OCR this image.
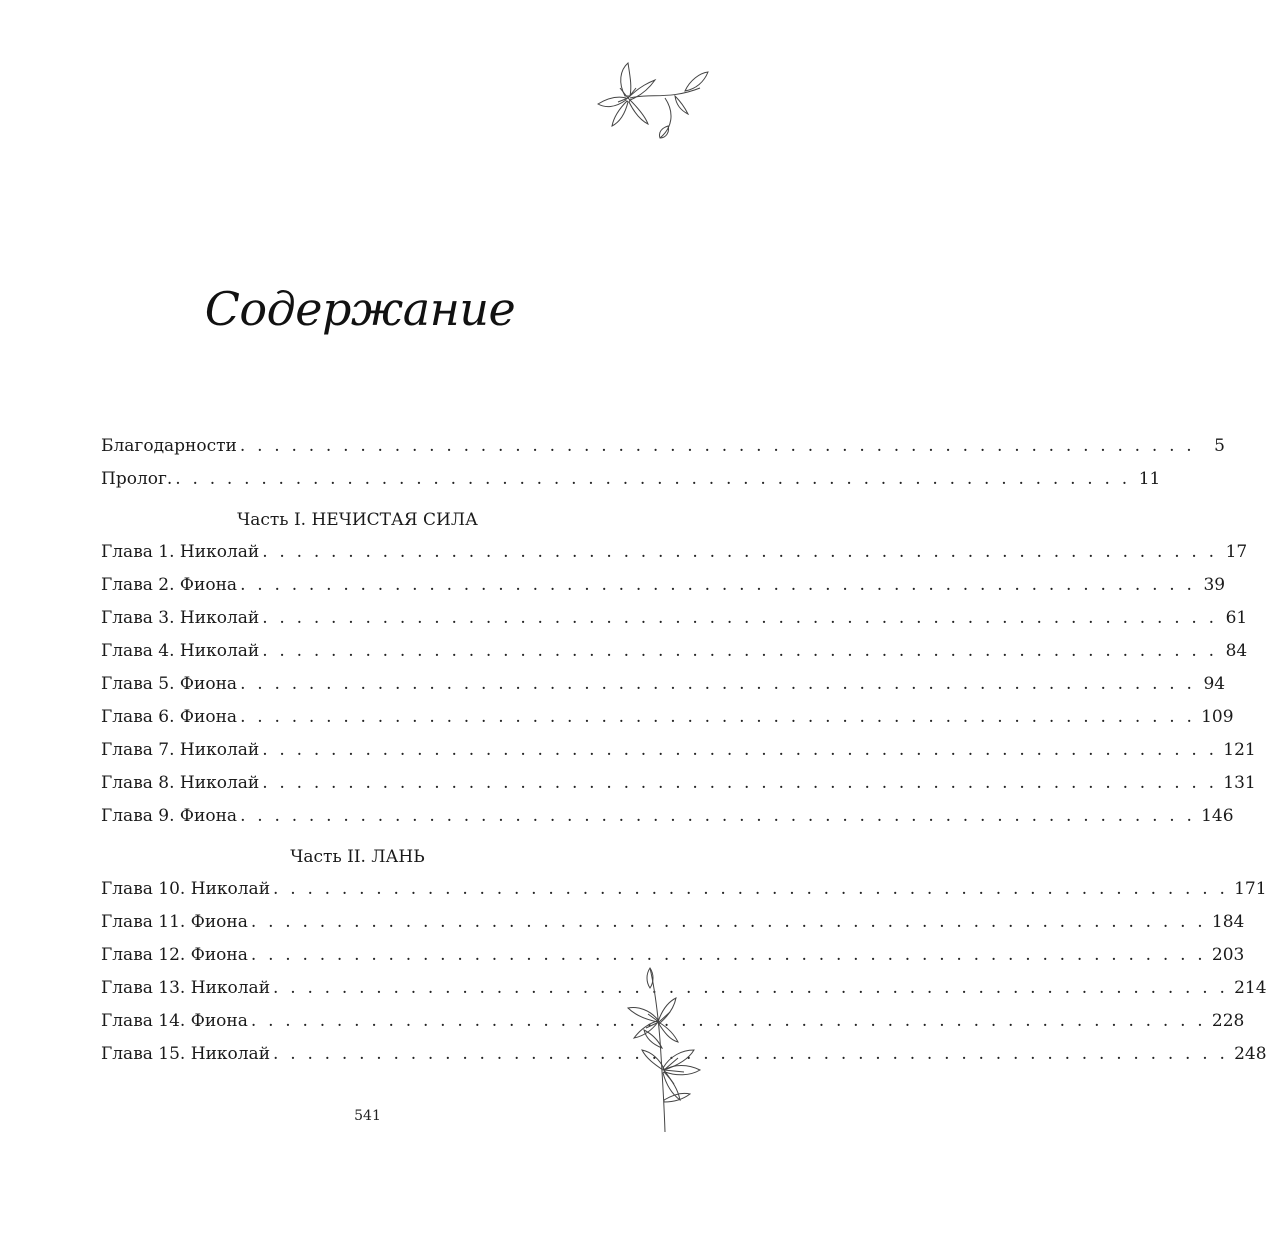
Содержание
Благодарности . . . . . . . . . . . . . . . . . . . . . . . . . . . . . . . . . . . . . . . . . . . . . . . . . . . . . . . .	5
Пролог. . . . . . . . . . . . . . . . . . . . . . . . . . . . . . . . . . . . . . . . . . . . . . . . . . . . . . . . . 11
Часть I. НЕЧИСТАЯ СИЛА
Глава 1. Николай . . . . . . . . . . . . . . . . . . . . . . . . . . . . . . . . . . . . . . . . . . . . . . . . . . . . . . . . 17
Глава 2. Фиона . . . . . . . . . . . . . . . . . . . . . . . . . . . . . . . . . . . . . . . . . . . . . . . . . . . . . . . . 39
Глава 3. Николай . . . . . . . . . . . . . . . . . . . . . . . . . . . . . . . . . . . . . . . . . . . . . . . . . . . . . . . . 61
Глава 4. Николай . . . . . . . . . . . . . . . . . . . . . . . . . . . . . . . . . . . . . . . . . . . . . . . . . . . . . . . . 84
Глава 5. Фиона . . . . . . . . . . . . . . . . . . . . . . . . . . . . . . . . . . . . . . . . . . . . . . . . . . . . . . . . 94
Глава 6. Фиона . . . . . . . . . . . . . . . . . . . . . . . . . . . . . . . . . . . . . . . . . . . . . . . . . . . . . . . . 109
Глава 7. Николай . . . . . . . . . . . . . . . . . . . . . . . . . . . . . . . . . . . . . . . . . . . . . . . . . . . . . . . . 121
Глава 8. Николай . . . . . . . . . . . . . . . . . . . . . . . . . . . . . . . . . . . . . . . . . . . . . . . . . . . . . . . . 131
Глава 9. Фиона . . . . . . . . . . . . . . . . . . . . . . . . . . . . . . . . . . . . . . . . . . . . . . . . . . . . . . . . 146
Часть II. ЛАНЬ
Глава 10. Николай . . . . . . . . . . . . . . . . . . . . . . . . . . . . . . . . . . . . . . . . . . . . . . . . . . . . . . . . 171
Глава 11. Фиона . . . . . . . . . . . . . . . . . . . . . . . . . . . . . . . . . . . . . . . . . . . . . . . . . . . . . . . . 184
Глава 12. Фиона . . . . . . . . . . . . . . . . . . . . . . . . . . . . . . . . . . . . . . . . . . . . . . . . . . . . . . . . 203
Глава 13. Николай . . . . . . . . . . . . . . . . . . . . . . . . . . . . . . . . . . . . . . . . . . . . . . . . . . . . . . . . 214
Глава 14. Фиона . . . . . . . . . . . . . . . . . . . . . . . . . . . . . . . . . . . . . . . . . . . . . . . . . . . . . . . . 228
Глава 15. Николай . . . . . . . . . . . . . . . . . . . . . . . . . . . . . . . . . . . . . . . . . . . . . . . . . . . . . . . . 248
541
